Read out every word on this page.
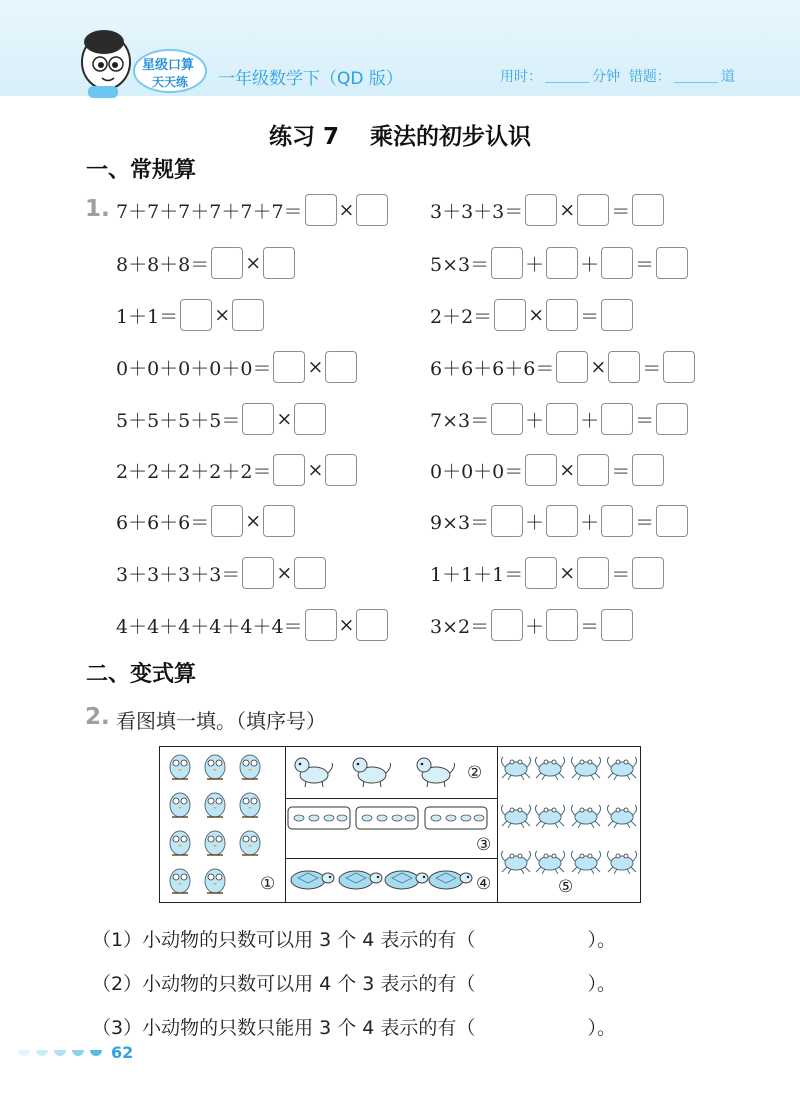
星级口算
天天练 一年级数学下（QD 版）	用时：	分钟 错题：	道
练习 7　 乘法的初步认识
一、常规算
1. 7＋7＋7＋7＋7＋7＝ ×
8＋8＋8＝ ×
1＋1＝ ×
0＋0＋0＋0＋0＝ ×
5＋5＋5＋5＝ ×
2＋2＋2＋2＋2＝ ×
6＋6＋6＝ ×
3＋3＋3＋3＝ ×
4＋4＋4＋4＋4＋4＝ ×
3＋3＋3＝ × ＝
5×3＝ ＋ ＋ ＝
2＋2＝ × ＝
6＋6＋6＋6＝ × ＝
7×3＝ ＋ ＋ ＝
0＋0＋0＝ × ＝
9×3＝ ＋ ＋ ＝
1＋1＋1＝ × ＝
3×2＝ ＋ ＝
二、变式算
2. 看图填一填。（填序号）
①
②
③
④	⑤
（1）小动物的只数可以用 3 个 4 表示的有（	）。
（2）小动物的只数可以用 4 个 3 表示的有（	）。
（3）小动物的只数只能用 3 个 4 表示的有（	）。
62
